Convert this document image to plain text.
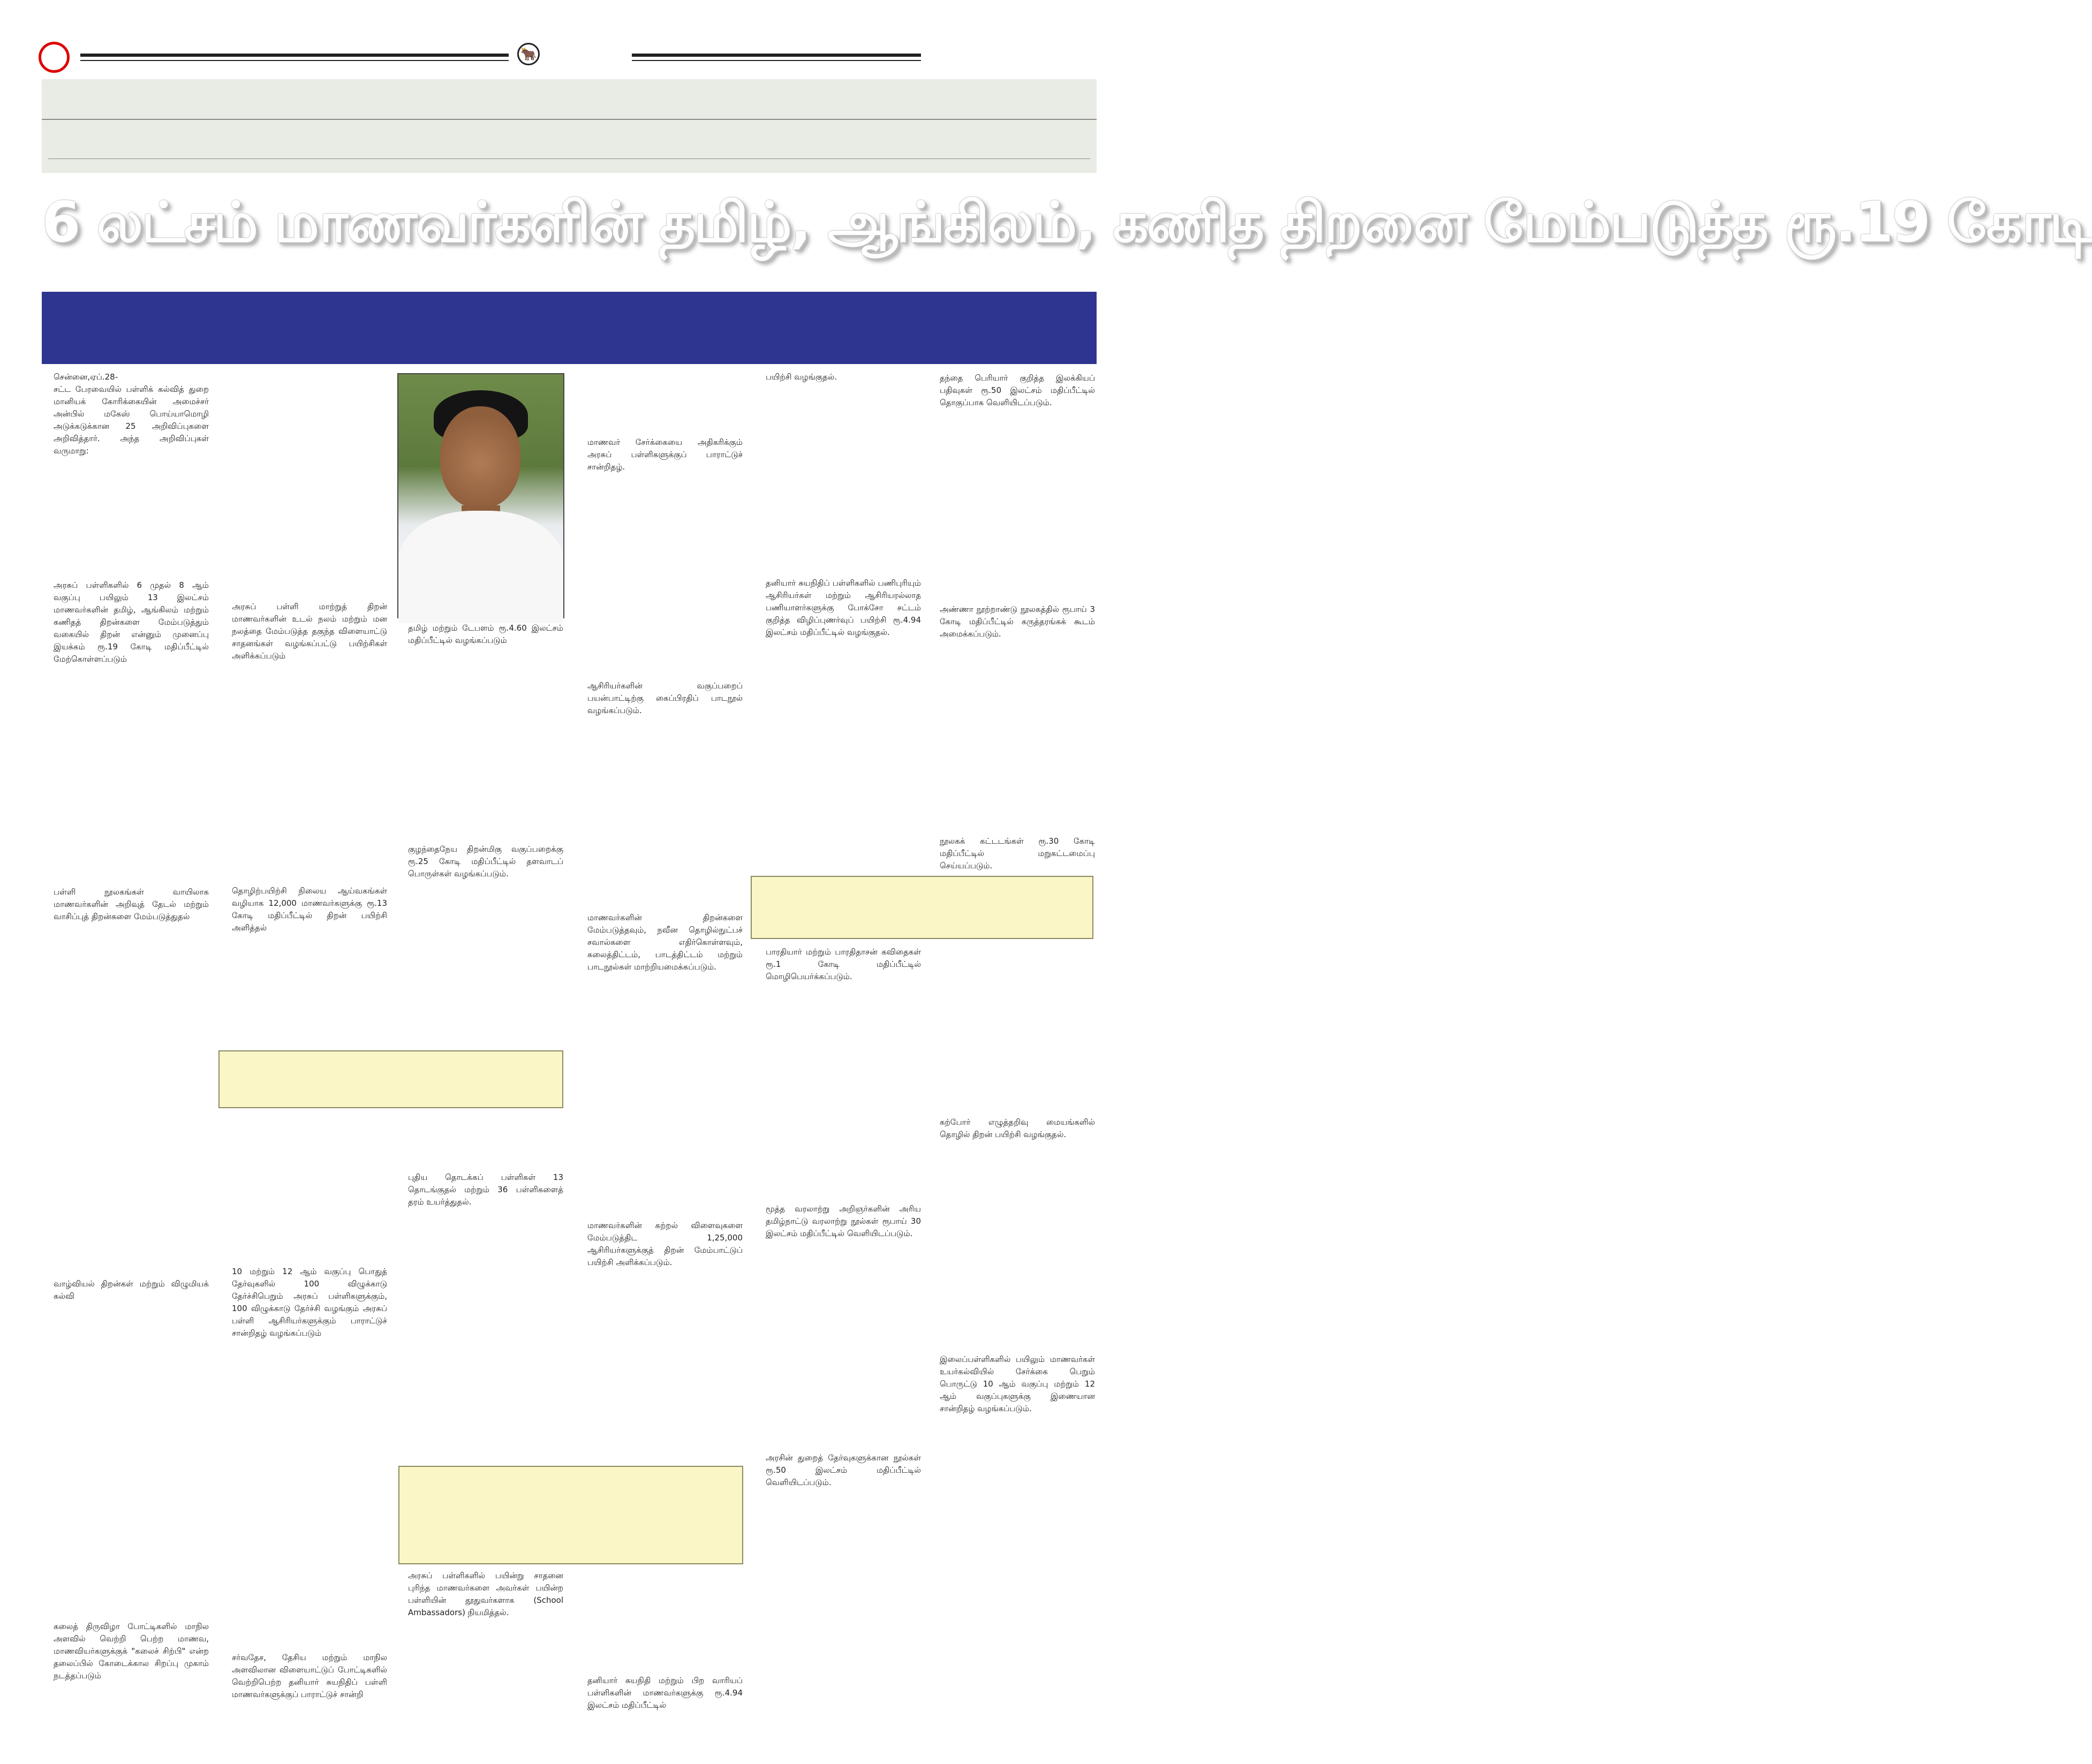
🐂
6 லட்சம் மாணவர்களின் தமிழ், ஆங்கிலம், கணித திறனை மேம்படுத்த ரூ.19 கோடி
சென்னை,ஏப்.28-
சட்ட பேரவையில் பள்ளிக் கல்வித் துறை மானியக் கோரிக்கையின் அமைச்சர் அன்பில் மகேஸ் பொய்யாமொழி அடுக்கடுக்கான 25 அறிவிப்புகளை அறிவித்தார். அந்த அறிவிப்புகள் வருமாறு:
அரசுப் பள்ளிகளில் 6 முதல் 8 ஆம் வகுப்பு பயிலும் 13 இலட்சம் மாணவர்களின் தமிழ், ஆங்கிலம் மற்றும் கணிதத் திறன்களை மேம்படுத்தும் வகையில் திறன் என்னும் முனைப்பு இயக்கம் ரூ.19 கோடி மதிப்பீட்டில் மேற்கொள்ளப்படும்
பள்ளி நூலகங்கள் வாயிலாக மாணவர்களின் அறிவுத் தேடல் மற்றும் வாசிப்புத் திறன்களை மேம்படுத்துதல்
வாழ்வியல் திறன்கள் மற்றும் விழுமியக் கல்வி
கலைத் திருவிழா போட்டிகளில் மாநில அளவில் வெற்றி பெற்ற மாணவ, மாணவியர்களுக்குக் "கலைச் சிற்பி" என்ற தலைப்பில் கோடைக்கால சிறப்பு முகாம் நடத்தப்படும்
அரசுப் பள்ளி மாற்றுத் திறன் மாணவர்களின் உடல் நலம் மற்றும் மன நலத்தை மேம்படுத்த தகுந்த விளையாட்டு சாதனங்கள் வழங்கப்பட்டு பயிற்சிகள் அளிக்கப்படும்
தொழிற்பயிற்சி நிலைய ஆய்வகங்கள் வழியாக 12,000 மாணவர்களுக்கு ரூ.13 கோடி மதிப்பீட்டில் திறன் பயிற்சி அளித்தல்
10 மற்றும் 12 ஆம் வகுப்பு பொதுத் தேர்வுகளில் 100 விழுக்காடு தேர்ச்சிபெறும் அரசுப் பள்ளிகளுக்கும், 100 விழுக்காடு தேர்ச்சி வழங்கும் அரசுப் பள்ளி ஆசிரியர்களுக்கும் பாராட்டுச் சான்றிதழ் வழங்கப்படும்
சர்வதேச, தேசிய மற்றும் மாநில அளவிலான விளையாட்டுப் போட்டிகளில் வெற்றிபெற்ற தனியார் சுயநிதிப் பள்ளி மாணவர்களுக்குப் பாராட்டுச் சான்றி
தமிழ் மற்றும் டேபளம் ரூ.4.60 இலட்சம் மதிப்பீட்டில் வழங்கப்படும்
குழந்தைநேய திறன்மிகு வகுப்பறைக்கு ரூ.25 கோடி மதிப்பீட்டில் தளவாடப் பொருள்கள் வழங்கப்படும்.
புதிய தொடக்கப் பள்ளிகள் 13 தொடங்குதல் மற்றும் 36 பள்ளிகளைத் தரம் உயர்த்துதல்.
அரசுப் பள்ளிகளில் பயின்று சாதனை புரிந்த மாணவர்களை அவர்கள் பயின்ற பள்ளியின் தூதுவர்களாக (School Ambassadors) நியமித்தல்.
மாணவர் சேர்க்கையை அதிகரிக்கும் அரசுப் பள்ளிகளுக்குப் பாராட்டுச் சான்றிதழ்.
ஆசிரியர்களின் வகுப்பறைப் பயன்பாட்டிற்கு கைப்பிரதிப் பாடநூல் வழங்கப்படும்.
மாணவர்களின் திறன்களை மேம்படுத்தவும், நவீன தொழில்நுட்பச் சவால்களை எதிர்கொள்ளவும், கலைத்திட்டம், பாடத்திட்டம் மற்றும் பாடநூல்கள் மாற்றியமைக்கப்படும்.
மாணவர்களின் கற்றல் விளைவுகளை மேம்படுத்திட 1,25,000 ஆசிரியர்களுக்குத் திறன் மேம்பாட்டுப் பயிற்சி அளிக்கப்படும்.
தனியார் சுயநிதி மற்றும் பிற வாரியப் பள்ளிகளின் மாணவர்களுக்கு ரூ.4.94 இலட்சம் மதிப்பீட்டில்
பயிற்சி வழங்குதல்.
தனியார் சுயநிதிப் பள்ளிகளில் பணிபுரியும் ஆசிரியர்கள் மற்றும் ஆசிரியரல்லாத பணியாளர்களுக்கு போக்சோ சட்டம் குறித்த விழிப்புணர்வுப் பயிற்சி ரூ.4.94 இலட்சம் மதிப்பீட்டில் வழங்குதல்.
பாரதியார் மற்றும் பாரதிதாசன் கவிதைகள் ரூ.1 கோடி மதிப்பீட்டில் மொழிபெயர்க்கப்படும்.
மூத்த வரலாற்று அறிஞர்களின் அரிய தமிழ்நாட்டு வரலாற்று நூல்கள் ரூபாய் 30 இலட்சம் மதிப்பீட்டில் வெளியிடப்படும்.
அரசின் துறைத் தேர்வுகளுக்கான நூல்கள் ரூ.50 இலட்சம் மதிப்பீட்டில் வெளியிடப்படும்.
தந்தை பெரியார் குறித்த இலக்கியப் பதிவுகள் ரூ.50 இலட்சம் மதிப்பீட்டில் தொகுப்பாக வெளியிடப்படும்.
அண்ணா நூற்றாண்டு நூலகத்தில் ரூபாய் 3 கோடி மதிப்பீட்டில் கருத்தரங்கக் கூடம் அமைக்கப்படும்.
நூலகக் கட்டடங்கள் ரூ.30 கோடி மதிப்பீட்டில் மறுகட்டமைப்பு செய்யப்படும்.
கற்போர் எழுத்தறிவு மையங்களில் தொழில் திறன் பயிற்சி வழங்குதல்.
இலைப்பள்ளிகளில் பயிலும் மாணவர்கள் உயர்கல்வியில் சேர்க்கை பெறும் பொருட்டு 10 ஆம் வகுப்பு மற்றும் 12 ஆம் வகுப்புகளுக்கு இணையான சான்றிதழ் வழங்கப்படும்.
